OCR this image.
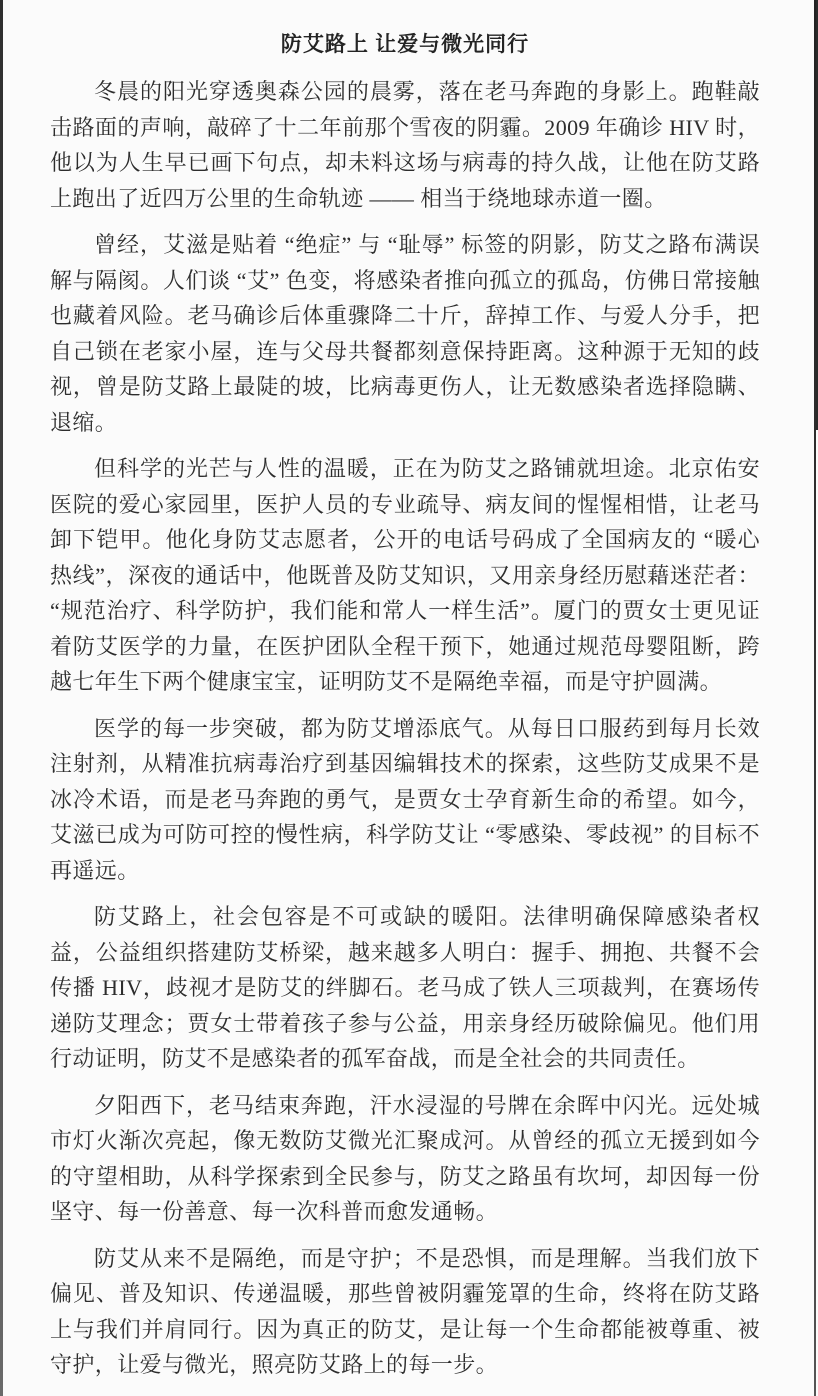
防艾路上 让爱与微光同行

冬晨的阳光穿透奥森公园的晨雾，落在老马奔跑的身影上。跑鞋敲击路面的声响，敲碎了十二年前那个雪夜的阴霾。2009 年确诊 HIV 时，他以为人生早已画下句点，却未料这场与病毒的持久战，让他在防艾路上跑出了近四万公里的生命轨迹 —— 相当于绕地球赤道一圈。

曾经，艾滋是贴着 “绝症” 与 “耻辱” 标签的阴影，防艾之路布满误解与隔阂。人们谈 “艾” 色变，将感染者推向孤立的孤岛，仿佛日常接触也藏着风险。老马确诊后体重骤降二十斤，辞掉工作、与爱人分手，把自己锁在老家小屋，连与父母共餐都刻意保持距离。这种源于无知的歧视，曾是防艾路上最陡的坡，比病毒更伤人，让无数感染者选择隐瞒、退缩。

但科学的光芒与人性的温暖，正在为防艾之路铺就坦途。北京佑安医院的爱心家园里，医护人员的专业疏导、病友间的惺惺相惜，让老马卸下铠甲。他化身防艾志愿者，公开的电话号码成了全国病友的 “暖心热线”，深夜的通话中，他既普及防艾知识，又用亲身经历慰藉迷茫者：“规范治疗、科学防护，我们能和常人一样生活”。厦门的贾女士更见证着防艾医学的力量，在医护团队全程干预下，她通过规范母婴阻断，跨越七年生下两个健康宝宝，证明防艾不是隔绝幸福，而是守护圆满。

医学的每一步突破，都为防艾增添底气。从每日口服药到每月长效注射剂，从精准抗病毒治疗到基因编辑技术的探索，这些防艾成果不是冰冷术语，而是老马奔跑的勇气，是贾女士孕育新生命的希望。如今，艾滋已成为可防可控的慢性病，科学防艾让 “零感染、零歧视” 的目标不再遥远。

防艾路上，社会包容是不可或缺的暖阳。法律明确保障感染者权益，公益组织搭建防艾桥梁，越来越多人明白：握手、拥抱、共餐不会传播 HIV，歧视才是防艾的绊脚石。老马成了铁人三项裁判，在赛场传递防艾理念；贾女士带着孩子参与公益，用亲身经历破除偏见。他们用行动证明，防艾不是感染者的孤军奋战，而是全社会的共同责任。

夕阳西下，老马结束奔跑，汗水浸湿的号牌在余晖中闪光。远处城市灯火渐次亮起，像无数防艾微光汇聚成河。从曾经的孤立无援到如今的守望相助，从科学探索到全民参与，防艾之路虽有坎坷，却因每一份坚守、每一份善意、每一次科普而愈发通畅。

防艾从来不是隔绝，而是守护；不是恐惧，而是理解。当我们放下偏见、普及知识、传递温暖，那些曾被阴霾笼罩的生命，终将在防艾路上与我们并肩同行。因为真正的防艾，是让每一个生命都能被尊重、被守护，让爱与微光，照亮防艾路上的每一步。
